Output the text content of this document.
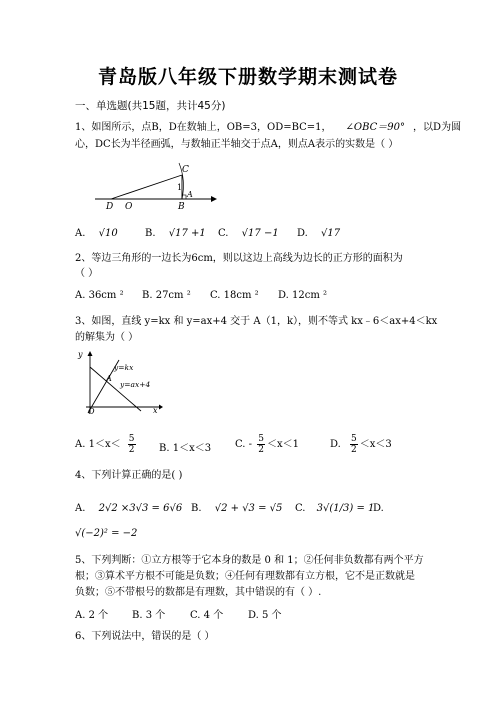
青岛版八年级下册数学期末测试卷
一、单选题(共15题，共计45分)
1、如图所示，点B，D在数轴上，OB=3，OD=BC=1， ∠OBC＝90° ，以D为圆
心，DC长为半径画弧，与数轴正半轴交于点A，则点A表示的实数是（ ）
C
1
A
D O	B
A. √10	B. √17 +1 C. √17 −1 D. √17
2、等边三角形的一边长为6cm，则以这边上高线为边长的正方形的面积为
（ ）
A. 36cm ² B. 27cm ² C. 18cm ² D. 12cm ²
3、如图，直线 y=kx 和 y=ax+4 交于 A（1，k），则不等式 kx﹣6＜ax+4＜kx
的解集为（ ）
y
x
O
A
y=kx
y=ax+4
A. $1<x< \frac{5}{2} B$. 1＜x＜3 C. - $\frac{5}{2} <x<1$	D. $\frac{5}{2} <x<3$
4、下列计算正确的是( )
A. 2√2 ×3√3 = 6√6 B. √2 + √3 = √5 C. 3√(1/3) = 1
D.
√(−2)² = −2
5、下列判断：①立方根等于它本身的数是 0 和 1；②任何非负数都有两个平方
根；③算术平方根不可能是负数；④任何有理数都有立方根，它不是正数就是
负数；⑤不带根号的数都是有理数，其中错误的有（ ）.
A. 2 个 B. 3 个 C. 4 个 D. 5 个
6、下列说法中，错误的是（ ）
